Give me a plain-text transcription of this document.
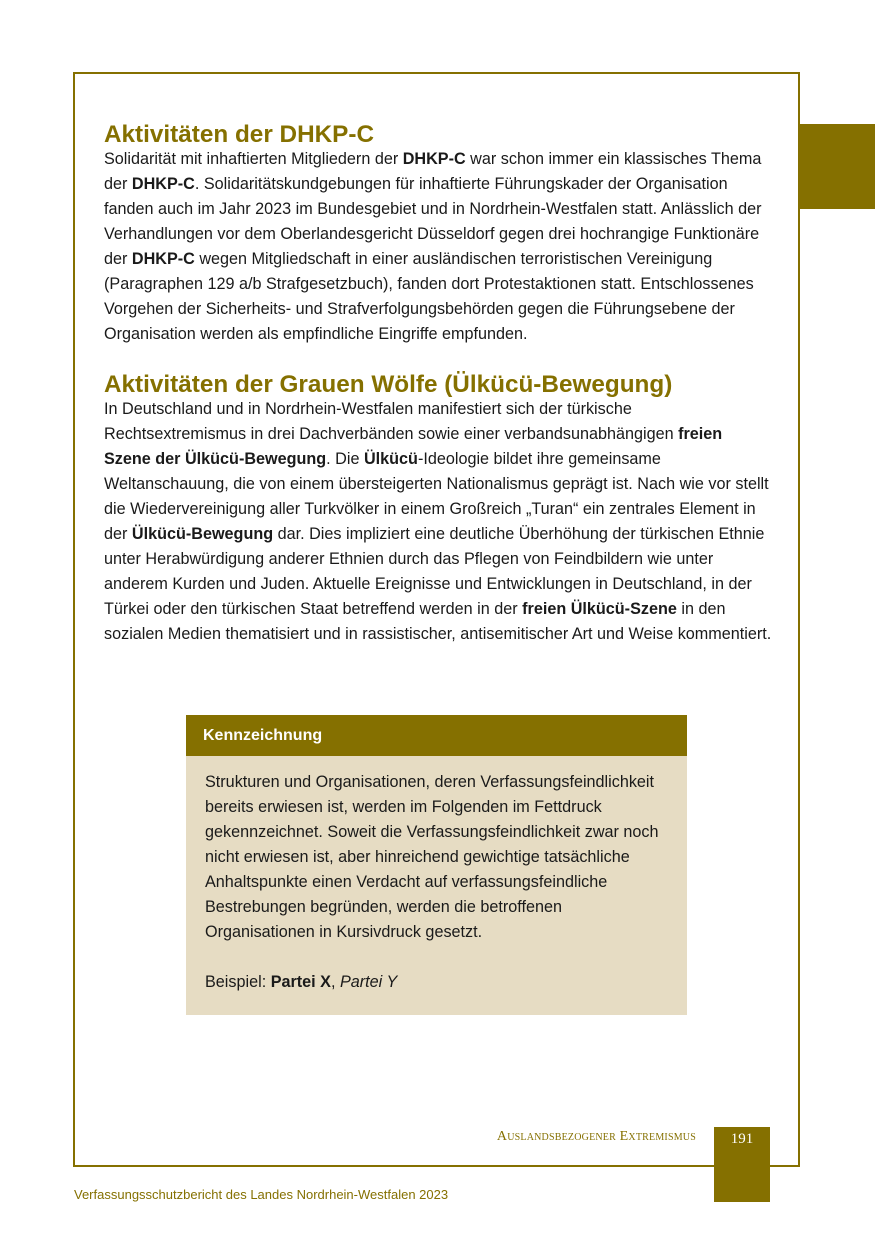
Aktivitäten der DHKP-C

Solidarität mit inhaftierten Mitgliedern der DHKP-C war schon immer ein klassisches Thema der DHKP-C. Solidaritätskundgebungen für inhaftierte Führungskader der Organisation fanden auch im Jahr 2023 im Bundesgebiet und in Nordrhein-Westfalen statt. Anlässlich der Verhandlungen vor dem Oberlandesgericht Düsseldorf gegen drei hochrangige Funktionäre der DHKP-C wegen Mitgliedschaft in einer ausländischen terroristischen Vereinigung (Paragraphen 129 a/b Strafgesetzbuch), fanden dort Protestaktionen statt. Entschlossenes Vorgehen der Sicherheits- und Strafverfolgungsbehörden gegen die Führungsebene der Organisation werden als empfindliche Eingriffe empfunden.

Aktivitäten der Grauen Wölfe (Ülkücü-Bewegung)

In Deutschland und in Nordrhein-Westfalen manifestiert sich der türkische Rechtsextremismus in drei Dachverbänden sowie einer verbandsunabhängigen freien Szene der Ülkücü-Bewegung. Die Ülkücü-Ideologie bildet ihre gemeinsame Weltanschauung, die von einem übersteigerten Nationalismus geprägt ist. Nach wie vor stellt die Wiedervereinigung aller Turkvölker in einem Großreich „Turan“ ein zentrales Element in der Ülkücü-Bewegung dar. Dies impliziert eine deutliche Überhöhung der türkischen Ethnie unter Herabwürdigung anderer Ethnien durch das Pflegen von Feindbildern wie unter anderem Kurden und Juden. Aktuelle Ereignisse und Entwicklungen in Deutschland, in der Türkei oder den türkischen Staat betreffend werden in der freien Ülkücü-Szene in den sozialen Medien thematisiert und in rassistischer, antisemitischer Art und Weise kommentiert.

Kennzeichnung

Strukturen und Organisationen, deren Verfassungsfeindlichkeit bereits erwiesen ist, werden im Folgenden im Fettdruck gekennzeichnet. Soweit die Verfassungsfeindlichkeit zwar noch nicht erwiesen ist, aber hinreichend gewichtige tatsächliche Anhaltspunkte einen Verdacht auf verfassungsfeindliche Bestrebungen begründen, werden die betroffenen Organisationen in Kursivdruck gesetzt.

Beispiel: Partei X, Partei Y

Auslandsbezogener Extremismus	191
Verfassungsschutzbericht des Landes Nordrhein-Westfalen 2023
